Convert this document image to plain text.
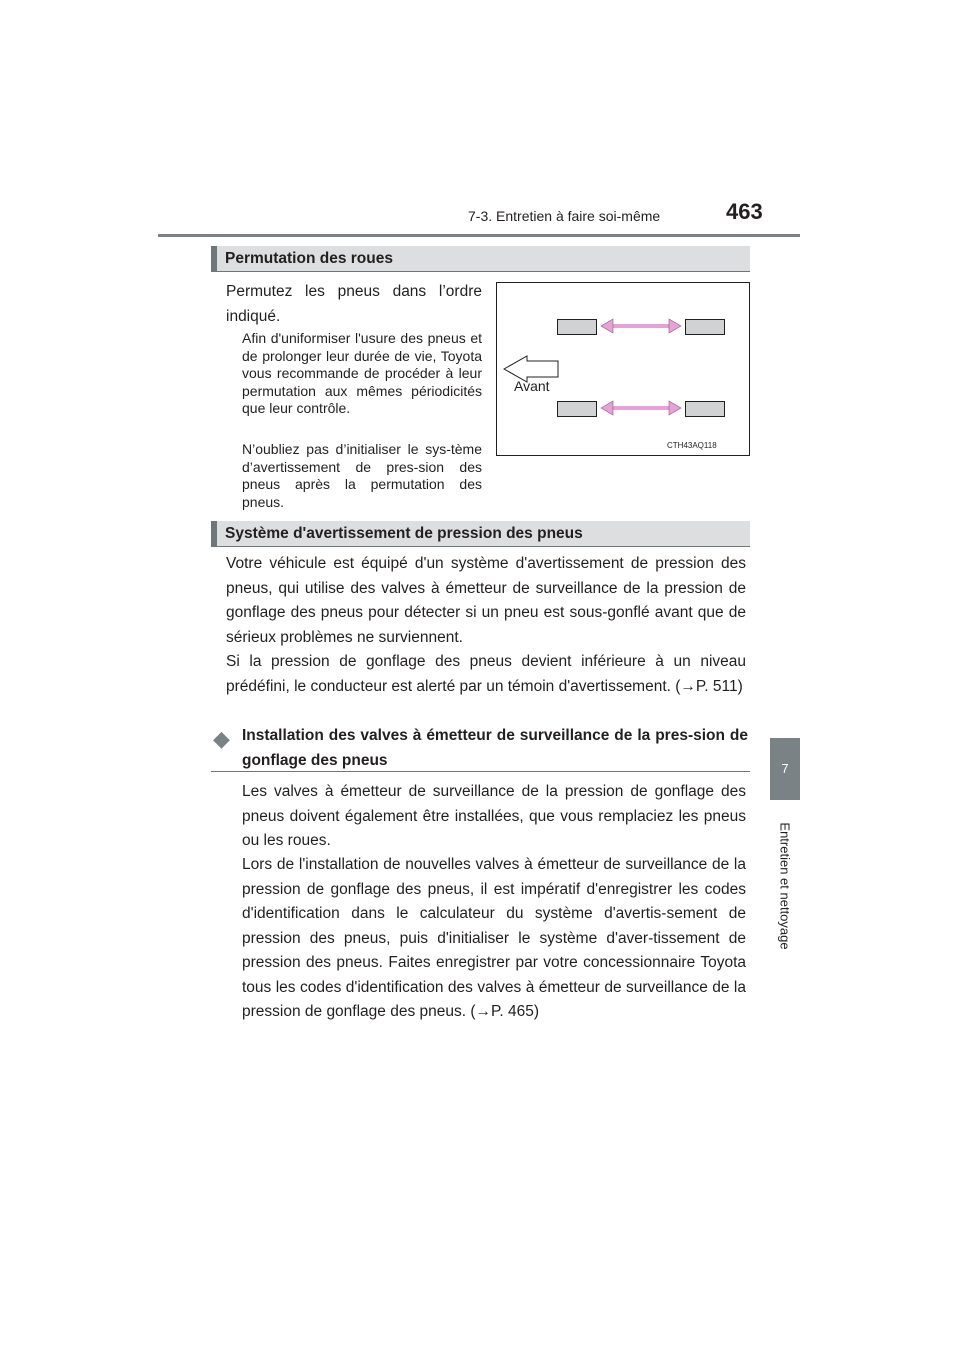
7-3. Entretien à faire soi-même	463
7
Entretien et nettoyage
Permutation des roues
Permutez les pneus dans l’ordre indiqué.
Afin d'uniformiser l'usure des pneus et de prolonger leur durée de vie, Toyota vous recommande de procéder à leur permutation aux mêmes périodicités que leur contrôle.
N’oubliez pas d’initialiser le sys-tème d’avertissement de pres-sion des pneus après la permutation des pneus.
Avant
CTH43AQ118
Système d'avertissement de pression des pneus
Votre véhicule est équipé d'un système d'avertissement de pression des pneus, qui utilise des valves à émetteur de surveillance de la pression de gonflage des pneus pour détecter si un pneu est sous-gonflé avant que de sérieux problèmes ne surviennent.
Si la pression de gonflage des pneus devient inférieure à un niveau prédéfini, le conducteur est alerté par un témoin d'avertissement. (→P. 511)
◆ Installation des valves à émetteur de surveillance de la pres-sion de gonflage des pneus
Les valves à émetteur de surveillance de la pression de gonflage des pneus doivent également être installées, que vous remplaciez les pneus ou les roues.
Lors de l'installation de nouvelles valves à émetteur de surveillance de la pression de gonflage des pneus, il est impératif d'enregistrer les codes d'identification dans le calculateur du système d'avertis-sement de pression des pneus, puis d'initialiser le système d'aver-tissement de pression des pneus. Faites enregistrer par votre concessionnaire Toyota tous les codes d'identification des valves à émetteur de surveillance de la pression de gonflage des pneus. (→P. 465)
